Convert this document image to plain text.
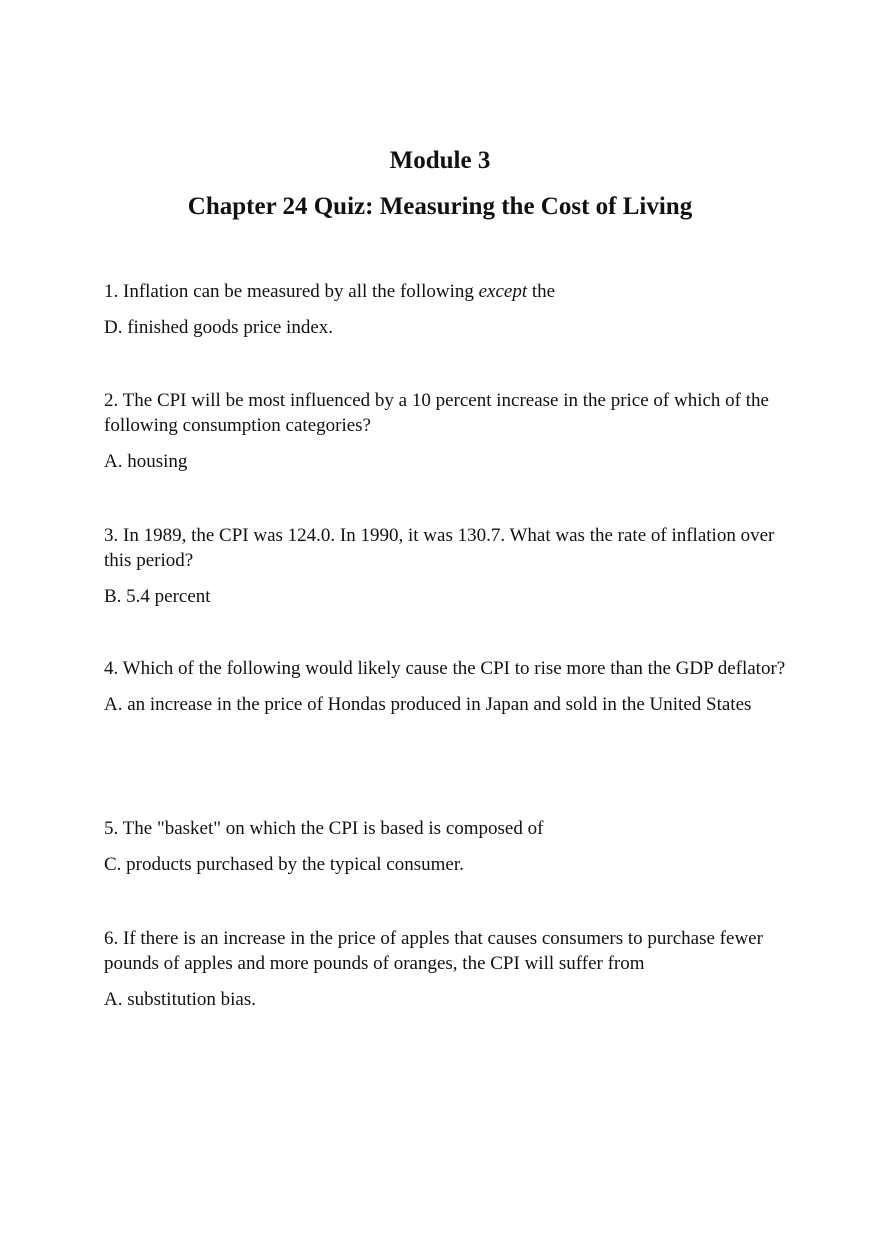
Module 3
Chapter 24 Quiz: Measuring the Cost of Living

1. Inflation can be measured by all the following except the

D. finished goods price index.

2. The CPI will be most influenced by a 10 percent increase in the price of which of the following consumption categories?

A. housing

3. In 1989, the CPI was 124.0. In 1990, it was 130.7. What was the rate of inflation over this period?

B. 5.4 percent

4. Which of the following would likely cause the CPI to rise more than the GDP deflator?

A. an increase in the price of Hondas produced in Japan and sold in the United States

5. The "basket" on which the CPI is based is composed of

C. products purchased by the typical consumer.

6. If there is an increase in the price of apples that causes consumers to purchase fewer pounds of apples and more pounds of oranges, the CPI will suffer from

A. substitution bias.
